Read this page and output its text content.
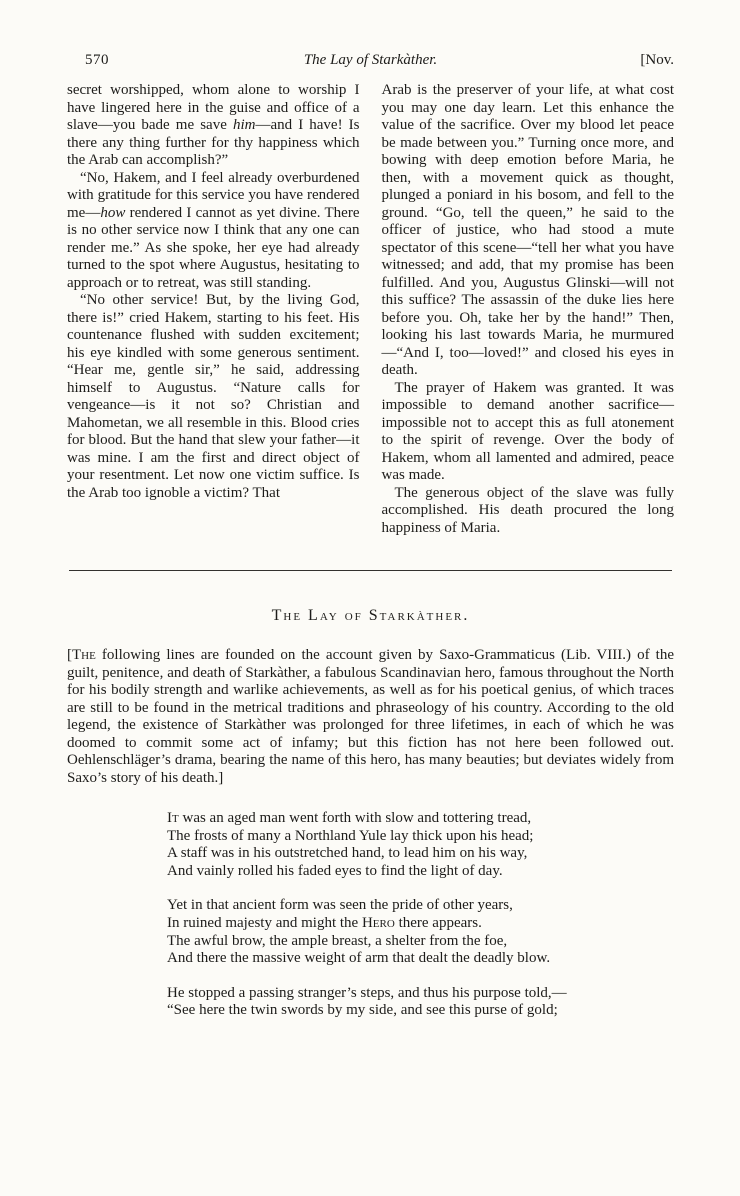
570	The Lay of Starkàther.	[Nov.

secret worshipped, whom alone to worship I have lingered here in the guise and office of a slave—you bade me save him—and I have! Is there any thing further for thy happiness which the Arab can accomplish?”

“No, Hakem, and I feel already overburdened with gratitude for this service you have rendered me—how rendered I cannot as yet divine. There is no other service now I think that any one can render me.” As she spoke, her eye had already turned to the spot where Augustus, hesitating to approach or to retreat, was still standing.

“No other service! But, by the living God, there is!” cried Hakem, starting to his feet. His countenance flushed with sudden excitement; his eye kindled with some generous sentiment. “Hear me, gentle sir,” he said, addressing himself to Augustus. “Nature calls for vengeance—is it not so? Christian and Mahometan, we all resemble in this. Blood cries for blood. But the hand that slew your father—it was mine. I am the first and direct object of your resentment. Let now one victim suffice. Is the Arab too ignoble a victim? That

Arab is the preserver of your life, at what cost you may one day learn. Let this enhance the value of the sacrifice. Over my blood let peace be made between you.” Turning once more, and bowing with deep emotion before Maria, he then, with a movement quick as thought, plunged a poniard in his bosom, and fell to the ground. “Go, tell the queen,” he said to the officer of justice, who had stood a mute spectator of this scene—“tell her what you have witnessed; and add, that my promise has been fulfilled. And you, Augustus Glinski—will not this suffice? The assassin of the duke lies here before you. Oh, take her by the hand!” Then, looking his last towards Maria, he murmured—“And I, too—loved!” and closed his eyes in death.

The prayer of Hakem was granted. It was impossible to demand another sacrifice—impossible not to accept this as full atonement to the spirit of revenge. Over the body of Hakem, whom all lamented and admired, peace was made.

The generous object of the slave was fully accomplished. His death procured the long happiness of Maria.

The Lay of Starkàther.

[The following lines are founded on the account given by Saxo-Grammaticus (Lib. VIII.) of the guilt, penitence, and death of Starkàther, a fabulous Scandinavian hero, famous throughout the North for his bodily strength and warlike achievements, as well as for his poetical genius, of which traces are still to be found in the metrical traditions and phraseology of his country. According to the old legend, the existence of Starkàther was prolonged for three lifetimes, in each of which he was doomed to commit some act of infamy; but this fiction has not here been followed out. Oehlenschläger’s drama, bearing the name of this hero, has many beauties; but deviates widely from Saxo’s story of his death.]

It was an aged man went forth with slow and tottering tread,
The frosts of many a Northland Yule lay thick upon his head;
A staff was in his outstretched hand, to lead him on his way,
And vainly rolled his faded eyes to find the light of day.
Yet in that ancient form was seen the pride of other years,
In ruined majesty and might the Hero there appears.
The awful brow, the ample breast, a shelter from the foe,
And there the massive weight of arm that dealt the deadly blow.
He stopped a passing stranger’s steps, and thus his purpose told,—
“See here the twin swords by my side, and see this purse of gold;
